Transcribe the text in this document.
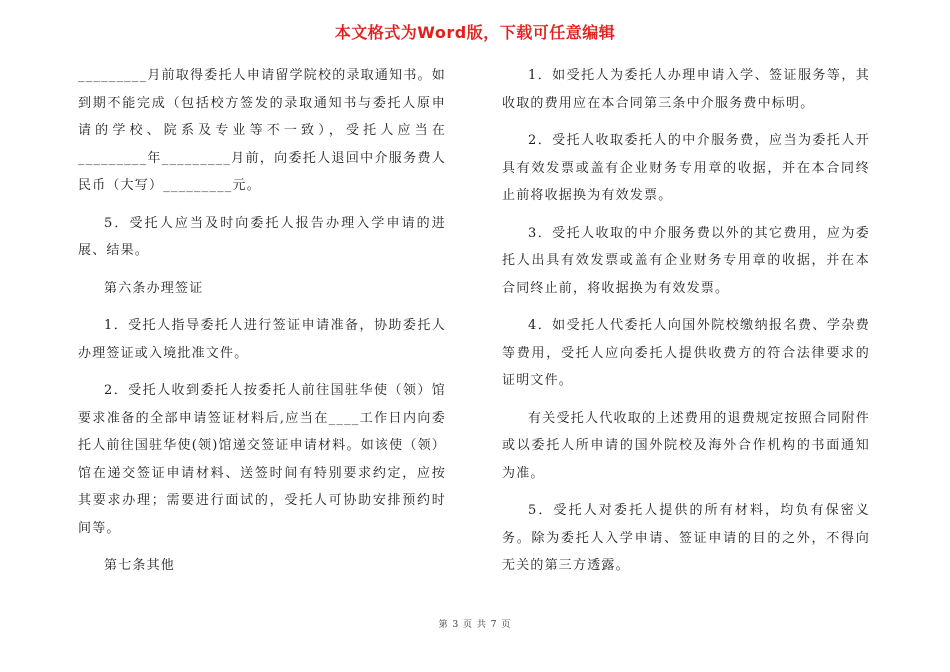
本文格式为Word版，下载可任意编辑

_________月前取得委托人申请留学院校的录取通知书。如到期不能完成（包括校方签发的录取通知书与委托人原申请的学校、院系及专业等不一致），受托人应当在_________年_________月前，向委托人退回中介服务费人民币（大写）_________元。

5．受托人应当及时向委托人报告办理入学申请的进展、结果。

第六条办理签证

1．受托人指导委托人进行签证申请准备，协助委托人办理签证或入境批准文件。

2．受托人收到委托人按委托人前往国驻华使（领）馆要求准备的全部申请签证材料后,应当在____工作日内向委托人前往国驻华使(领)馆递交签证申请材料。如该使（领）馆在递交签证申请材料、送签时间有特别要求约定，应按其要求办理；需要进行面试的，受托人可协助安排预约时间等。

第七条其他

1．如受托人为委托人办理申请入学、签证服务等，其收取的费用应在本合同第三条中介服务费中标明。

2．受托人收取委托人的中介服务费，应当为委托人开具有效发票或盖有企业财务专用章的收据，并在本合同终止前将收据换为有效发票。

3．受托人收取的中介服务费以外的其它费用，应为委托人出具有效发票或盖有企业财务专用章的收据，并在本合同终止前，将收据换为有效发票。

4．如受托人代委托人向国外院校缴纳报名费、学杂费等费用，受托人应向委托人提供收费方的符合法律要求的证明文件。

有关受托人代收取的上述费用的退费规定按照合同附件或以委托人所申请的国外院校及海外合作机构的书面通知为准。

5．受托人对委托人提供的所有材料，均负有保密义务。除为委托人入学申请、签证申请的目的之外，不得向无关的第三方透露。

第 3 页 共 7 页
